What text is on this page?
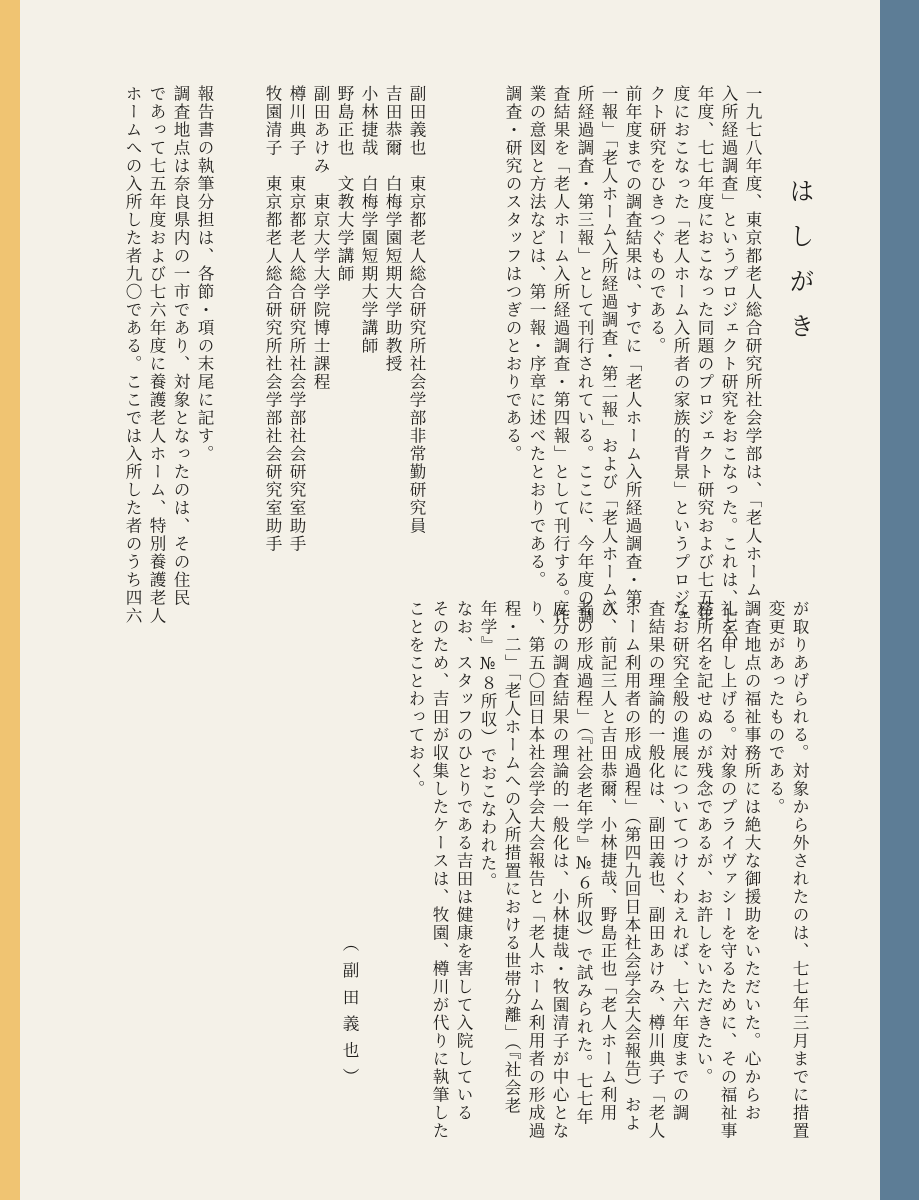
はしがき
一九七八年度、東京都老人総合研究所社会学部は、「老人ホーム
入所経過調査」というプロジェクト研究をおこなった。これは、七六
年度、七七年度におこなった同題のプロジェクト研究および七五年
度におこなった「老人ホーム入所者の家族的背景」というプロジェ
クト研究をひきつぐものである。
前年度までの調査結果は、すでに「老人ホーム入所経過調査・第
一報」「老人ホーム入所経過調査・第二報」および「老人ホーム入
所経過調査・第三報」として刊行されている。ここに、今年度の調
査結果を「老人ホーム入所経過調査・第四報」として刊行する。作
業の意図と方法などは、第一報・序章に述べたとおりである。
調査・研究のスタッフはつぎのとおりである。
副田義也　東京都老人総合研究所社会学部非常勤研究員
吉田恭爾　白梅学園短期大学助教授
小林捷哉　白梅学園短期大学講師
野島正也　文教大学講師
副田あけみ　東京大学大学院博士課程
樽川典子　東京都老人総合研究所社会学部社会研究室助手
牧園清子　東京都老人総合研究所社会学部社会研究室助手
報告書の執筆分担は、各節・項の末尾に記す。
調査地点は奈良県内の一市であり、対象となったのは、その住民
であって七五年度および七六年度に養護老人ホーム、特別養護老人
ホームへの入所した者九〇である。ここでは入所した者のうち四六
が取りあげられる。対象から外されたのは、七七年三月までに措置
変更があったものである。
調査地点の福祉事務所には絶大な御援助をいただいた。心からお
礼を申し上げる。対象のプライヴァシーを守るために、その福祉事
務所名を記せぬのが残念であるが、お許しをいただきたい。
なお研究全般の進展についてつけくわえれば、七六年度までの調
査結果の理論的一般化は、副田義也、副田あけみ、樽川典子「老人
ホーム利用者の形成過程」（第四九回日本社会学会大会報告）およ
び、前記三人と吉田恭爾、小林捷哉、野島正也「老人ホーム利用
者の形成過程」（『社会老年学』№６所収）で試みられた。七七年
度分の調査結果の理論的一般化は、小林捷哉・牧園清子が中心とな
り、第五〇回日本社会学会大会報告と「老人ホーム利用者の形成過
程・二」「老人ホームへの入所措置における世帯分離」（『社会老
年学』№８所収）でおこなわれた。
なお、スタッフのひとりである吉田は健康を害して入院している
そのため、吉田が収集したケースは、牧園、樽川が代りに執筆した
ことをことわっておく。
（副田義也）
